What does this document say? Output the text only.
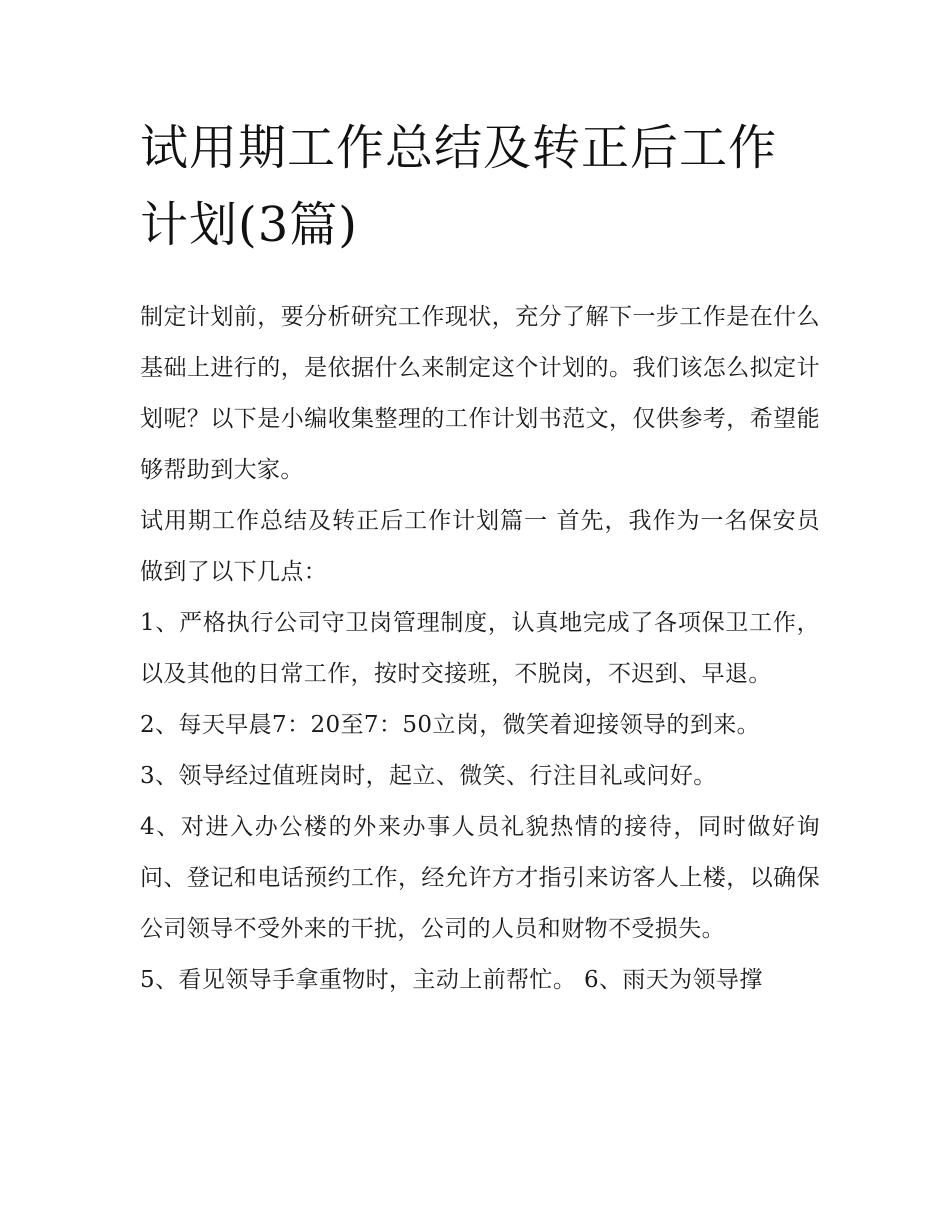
试用期工作总结及转正后工作计划(3篇)

制定计划前，要分析研究工作现状，充分了解下一步工作是在什么基础上进行的，是依据什么来制定这个计划的。我们该怎么拟定计划呢？以下是小编收集整理的工作计划书范文，仅供参考，希望能够帮助到大家。

试用期工作总结及转正后工作计划篇一 首先，我作为一名保安员做到了以下几点：

1、严格执行公司守卫岗管理制度，认真地完成了各项保卫工作，以及其他的日常工作，按时交接班，不脱岗，不迟到、早退。

2、每天早晨7：20至7：50立岗，微笑着迎接领导的到来。

3、领导经过值班岗时，起立、微笑、行注目礼或问好。

4、对进入办公楼的外来办事人员礼貌热情的接待，同时做好询问、登记和电话预约工作，经允许方才指引来访客人上楼，以确保公司领导不受外来的干扰，公司的人员和财物不受损失。

5、看见领导手拿重物时，主动上前帮忙。 6、雨天为领导撑
